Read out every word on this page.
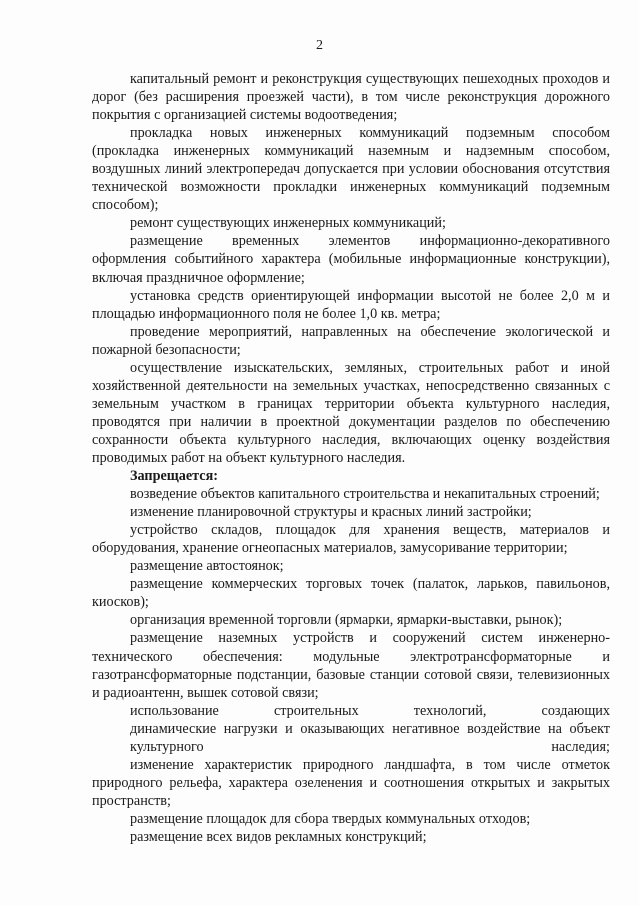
2

капитальный ремонт и реконструкция существующих пешеходных проходов и дорог (без расширения проезжей части), в том числе реконструкция дорожного покрытия с организацией системы водоотведения;

прокладка новых инженерных коммуникаций подземным способом (прокладка инженерных коммуникаций наземным и надземным способом, воздушных линий электропередач допускается при условии обоснования отсутствия технической возможности прокладки инженерных коммуникаций подземным способом);

ремонт существующих инженерных коммуникаций;

размещение временных элементов информационно-декоративного оформления событийного характера (мобильные информационные конструкции), включая праздничное оформление;

установка средств ориентирующей информации высотой не более 2,0 м и площадью информационного поля не более 1,0 кв. метра;

проведение мероприятий, направленных на обеспечение экологической и пожарной безопасности;

осуществление изыскательских, земляных, строительных работ и иной хозяйственной деятельности на земельных участках, непосредственно связанных с земельным участком в границах территории объекта культурного наследия, проводятся при наличии в проектной документации разделов по обеспечению сохранности объекта культурного наследия, включающих оценку воздействия проводимых работ на объект культурного наследия.

Запрещается:

возведение объектов капитального строительства и некапитальных строений;

изменение планировочной структуры и красных линий застройки;

устройство складов, площадок для хранения веществ, материалов и оборудования, хранение огнеопасных материалов, замусоривание территории;

размещение автостоянок;

размещение коммерческих торговых точек (палаток, ларьков, павильонов, киосков);

организация временной торговли (ярмарки, ярмарки-выставки, рынок);

размещение наземных устройств и сооружений систем инженерно-технического обеспечения: модульные электротрансформаторные и газотрансформаторные подстанции, базовые станции сотовой связи, телевизионных и радиоантенн, вышек сотовой связи;

использование строительных технологий, создающих

динамические нагрузки и оказывающих негативное воздействие на объект культурного наследия;

изменение характеристик природного ландшафта, в том числе отметок природного рельефа, характера озеленения и соотношения открытых и закрытых пространств;

размещение площадок для сбора твердых коммунальных отходов;

размещение всех видов рекламных конструкций;
